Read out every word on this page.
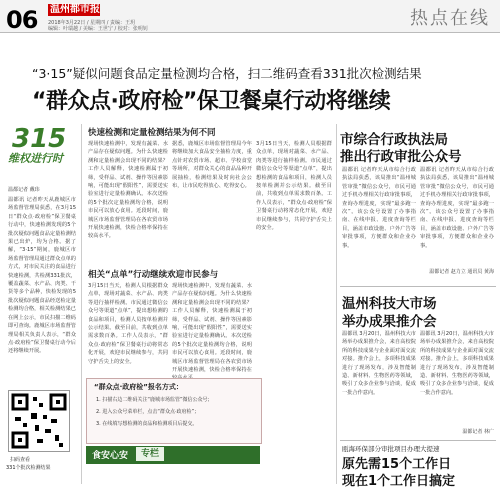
06 温州都市报
2018年3月22日 / 星期四 / 责编：王玥
编辑：叶瑞越 / 美编：王世宁 / 校对：张明钊	热点在线
“3·15”疑似问题食品定量检测均合格，扫二维码查看331批次检测结果
“群众点·政府检”保卫餐桌行动将继续
315
维权进行时
温都记者 戴玮
温都讯 记者昨天从鹿城区市场监督管理局获悉，在3月15日“群众点·政府检”保卫餐桌行动中，快速检测发现的5个批次疑似问题食品定量检测结果已出炉，均为合格。据了解，“3·15”期间，鹿城区市场监督管理局通过群众点单的方式，对市民关注的食品进行快速检测，共检测331批次，覆盖蔬菜、水产品、肉类、干货等多个品种，快检发现的5批次疑似问题食品经送检定量检测均合格，相关检测结果已在网上公示，市民扫描二维码即可查询。鹿城区市场监督管理局相关负责人表示，“群众点·政府检”保卫餐桌行动今后还将继续开展。
扫码查看
331个批次检测结果
快速检测和定量检测结果为何不同
现场快速检测中，发现有蔬菜、水产品存在疑似问题。为什么快速检测和定量检测会出现不同的结果？工作人员解释，快速检测属于初筛，受样品、试剂、操作等因素影响，可能出现“假阳性”，需要送实验室进行定量检测确认。本次送检的5个批次定量检测均合格，说明市民可以放心食用。近段时间，鹿城区市场监督管理局在各农贸市场开展快速检测，快检合格率保持在较高水平。
据悉，鹿城区市场监督管理局今年将继续加大食品安全抽检力度，重点针对农贸市场、超市、学校食堂等场所，对群众关心的食品品种开展抽检，检测结果及时向社会公布，让市民吃得放心、吃得安心。
3月15日当天，检测人员根据群众点单，现场对蔬菜、水产品、肉类等进行抽样检测。市民通过微信公众号等渠道“点单”，提出想检测的食品和项目，检测人员按单检测并公示结果。截至目前，共收到点单需求数百条。工作人员表示，“群众点·政府检”保卫餐桌行动将常态化开展，欢迎市民继续参与，共同守护舌尖上的安全。
相关“点单”行动继续欢迎市民参与
3月15日当天，检测人员根据群众点单，现场对蔬菜、水产品、肉类等进行抽样检测。市民通过微信公众号等渠道“点单”，提出想检测的食品和项目，检测人员按单检测并公示结果。截至目前，共收到点单需求数百条。工作人员表示，“群众点·政府检”保卫餐桌行动将常态化开展，欢迎市民继续参与，共同守护舌尖上的安全。
现场快速检测中，发现有蔬菜、水产品存在疑似问题。为什么快速检测和定量检测会出现不同的结果？工作人员解释，快速检测属于初筛，受样品、试剂、操作等因素影响，可能出现“假阳性”，需要送实验室进行定量检测确认。本次送检的5个批次定量检测均合格，说明市民可以放心食用。近段时间，鹿城区市场监督管理局在各农贸市场开展快速检测，快检合格率保持在
“群众点·政府检”报名方式：
1. 扫描右边二维码关注“鹿城市场监管”微信公众号；
2. 进入公众号菜单栏，点击“群众点·政府检”；
3. 在线填写想检测的食品和检测项目后提交。
食安心安	专栏
市综合行政执法局
推出行政审批公众号
温都讯 记者昨天从市综合行政执法局获悉，该局推出“温州城管审批”微信公众号，市民可通过手机办理相关行政审批事项，查询办理进度，实现“最多跑一次”。该公众号设置了办事指南、在线申报、进度查询等栏目，涵盖市政设施、户外广告等审批事项，方便群众和企业办事。
温都讯 记者昨天从市综合行政执法局获悉，该局推出“温州城管审批”微信公众号，市民可通过手机办理相关行政审批事项，查询办理进度，实现“最多跑一次”。该公众号设置了办事指南、在线申报、进度查询等栏目，涵盖市政设施、户外广告等审批事项，方便群众和企业办事。
温都记者 赵力立 通讯员 黄海
温州科技大市场
举办成果推介会
温都讯 3月20日，温州科技大市场举办成果推介会，来自高校院所的科技成果与企业面对面交流对接。推介会上，多项科技成果进行了现场发布，涉及智能制造、新材料、生物医药等领域，吸引了众多企业参与洽谈，促成一批合作意向。
温都讯 3月20日，温州科技大市场举办成果推介会，来自高校院所的科技成果与企业面对面交流对接。推介会上，多项科技成果进行了现场发布，涉及智能制造、新材料、生物医药等领域，吸引了众多企业参与洽谈，促成一批合作意向。
温都记者 林广
瓯海环保部分审批项目办理大提速
原先需15个工作日
现在1个工作日搞定
